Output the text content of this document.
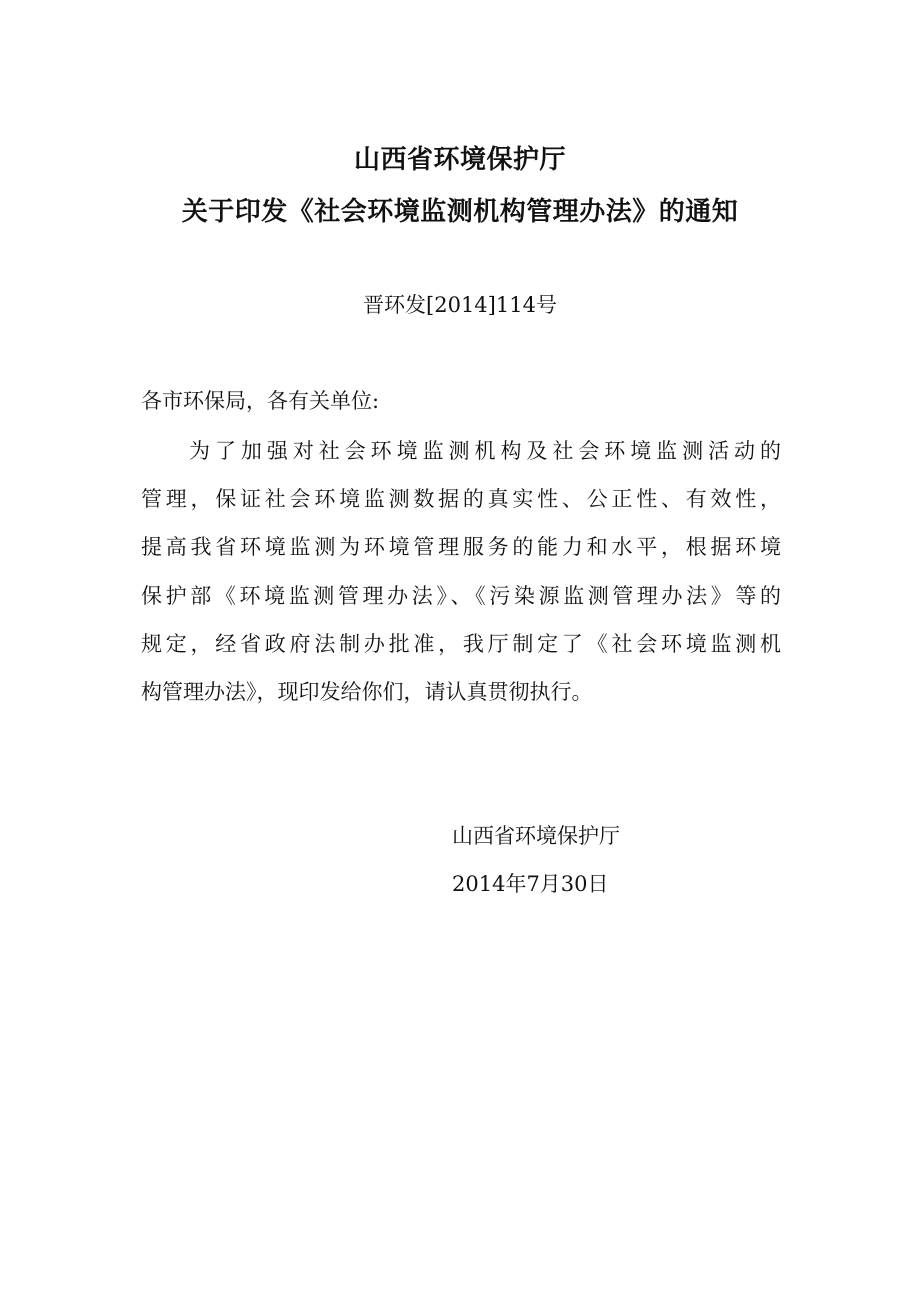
山西省环境保护厅
关于印发《社会环境监测机构管理办法》的通知
晋环发[2014]114号
各市环保局，各有关单位:
为了加强对社会环境监测机构及社会环境监测活动的
管理，保证社会环境监测数据的真实性、公正性、有效性，
提高我省环境监测为环境管理服务的能力和水平，根据环境
保护部《环境监测管理办法》、《污染源监测管理办法》等的
规定，经省政府法制办批准，我厅制定了《社会环境监测机
构管理办法》，现印发给你们，请认真贯彻执行。
山西省环境保护厅
2014年7月30日
